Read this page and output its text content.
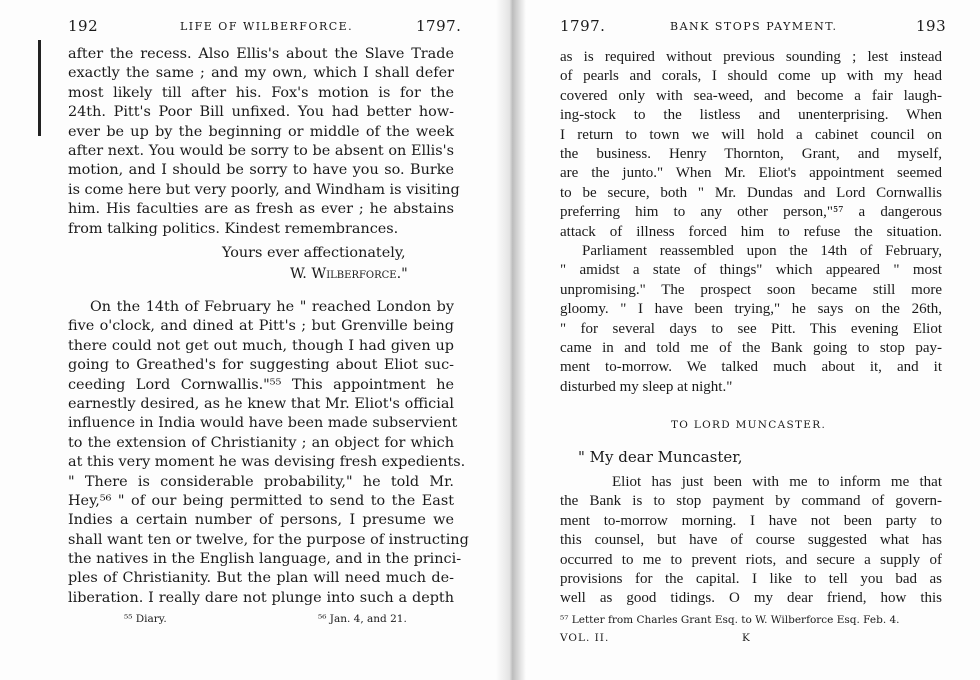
192	LIFE OF WILBERFORCE.	1797.
after the recess. Also Ellis's about the Slave Trade
exactly the same ; and my own, which I shall defer
most likely till after his. Fox's motion is for the
24th. Pitt's Poor Bill unfixed. You had better how-
ever be up by the beginning or middle of the week
after next. You would be sorry to be absent on Ellis's
motion, and I should be sorry to have you so. Burke
is come here but very poorly, and Windham is visiting
him. His faculties are as fresh as ever ; he abstains
from talking politics. Kindest remembrances.
Yours ever affectionately,
W. Wilberforce."
On the 14th of February he " reached London by
five o'clock, and dined at Pitt's ; but Grenville being
there could not get out much, though I had given up
going to Greathed's for suggesting about Eliot suc-
ceeding Lord Cornwallis."⁵⁵ This appointment he
earnestly desired, as he knew that Mr. Eliot's official
influence in India would have been made subservient
to the extension of Christianity ; an object for which
at this very moment he was devising fresh expedients.
" There is considerable probability," he told Mr.
Hey,⁵⁶ " of our being permitted to send to the East
Indies a certain number of persons, I presume we
shall want ten or twelve, for the purpose of instructing
the natives in the English language, and in the princi-
ples of Christianity. But the plan will need much de-
liberation. I really dare not plunge into such a depth
⁵⁵ Diary.	⁵⁶ Jan. 4, and 21.
1797.	BANK STOPS PAYMENT.	193
as is required without previous sounding ; lest instead
of pearls and corals, I should come up with my head
covered only with sea-weed, and become a fair laugh-
ing-stock to the listless and unenterprising. When
I return to town we will hold a cabinet council on
the business. Henry Thornton, Grant, and myself,
are the junto." When Mr. Eliot's appointment seemed
to be secure, both " Mr. Dundas and Lord Cornwallis
preferring him to any other person,"⁵⁷ a dangerous
attack of illness forced him to refuse the situation.
Parliament reassembled upon the 14th of February,
" amidst a state of things" which appeared " most
unpromising." The prospect soon became still more
gloomy. " I have been trying," he says on the 26th,
" for several days to see Pitt. This evening Eliot
came in and told me of the Bank going to stop pay-
ment to-morrow. We talked much about it, and it
disturbed my sleep at night."
TO LORD MUNCASTER.
" My dear Muncaster,
Eliot has just been with me to inform me that
the Bank is to stop payment by command of govern-
ment to-morrow morning. I have not been party to
this counsel, but have of course suggested what has
occurred to me to prevent riots, and secure a supply of
provisions for the capital. I like to tell you bad as
well as good tidings. O my dear friend, how this
⁵⁷ Letter from Charles Grant Esq. to W. Wilberforce Esq. Feb. 4.
VOL. II.	K
